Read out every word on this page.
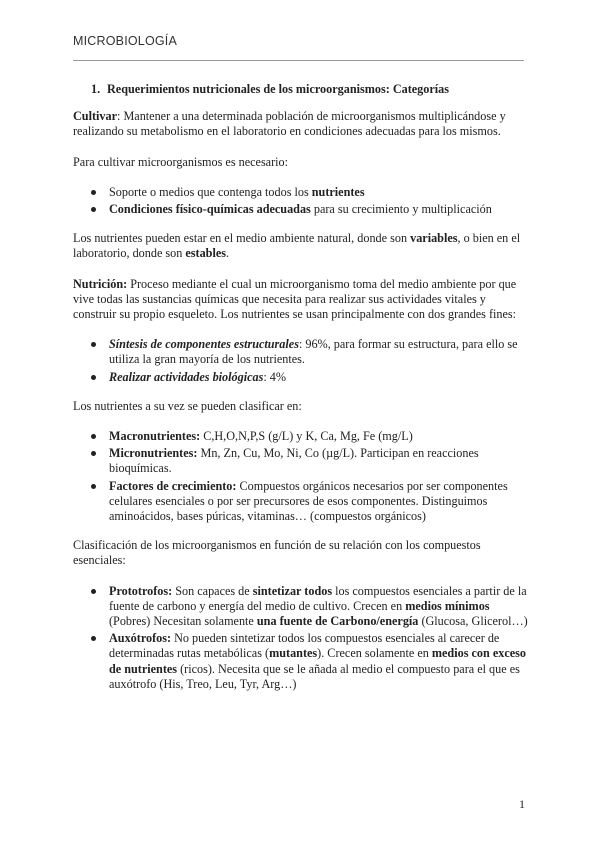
MICROBIOLOGÍA
1. Requerimientos nutricionales de los microorganismos: Categorías

Cultivar: Mantener a una determinada población de microorganismos multiplicándose y realizando su metabolismo en el laboratorio en condiciones adecuadas para los mismos.

Para cultivar microorganismos es necesario:

Soporte o medios que contenga todos los nutrientes
Condiciones físico-químicas adecuadas para su crecimiento y multiplicación

Los nutrientes pueden estar en el medio ambiente natural, donde son variables, o bien en el laboratorio, donde son estables.

Nutrición: Proceso mediante el cual un microorganismo toma del medio ambiente por que vive todas las sustancias químicas que necesita para realizar sus actividades vitales y construir su propio esqueleto. Los nutrientes se usan principalmente con dos grandes fines:

Síntesis de componentes estructurales: 96%, para formar su estructura, para ello se utiliza la gran mayoría de los nutrientes.
Realizar actividades biológicas: 4%

Los nutrientes a su vez se pueden clasificar en:

Macronutrientes: C,H,O,N,P,S (g/L) y K, Ca, Mg, Fe (mg/L)
Micronutrientes: Mn, Zn, Cu, Mo, Ni, Co (µg/L). Participan en reacciones bioquímicas.
Factores de crecimiento: Compuestos orgánicos necesarios por ser componentes celulares esenciales o por ser precursores de esos componentes. Distinguimos aminoácidos, bases púricas, vitaminas… (compuestos orgánicos)

Clasificación de los microorganismos en función de su relación con los compuestos esenciales:

Prototrofos: Son capaces de sintetizar todos los compuestos esenciales a partir de la fuente de carbono y energía del medio de cultivo. Crecen en medios mínimos (Pobres) Necesitan solamente una fuente de Carbono/energía (Glucosa, Glicerol…)
Auxótrofos: No pueden sintetizar todos los compuestos esenciales al carecer de determinadas rutas metabólicas (mutantes). Crecen solamente en medios con exceso de nutrientes (ricos). Necesita que se le añada al medio el compuesto para el que es auxótrofo (His, Treo, Leu, Tyr, Arg…)
1
